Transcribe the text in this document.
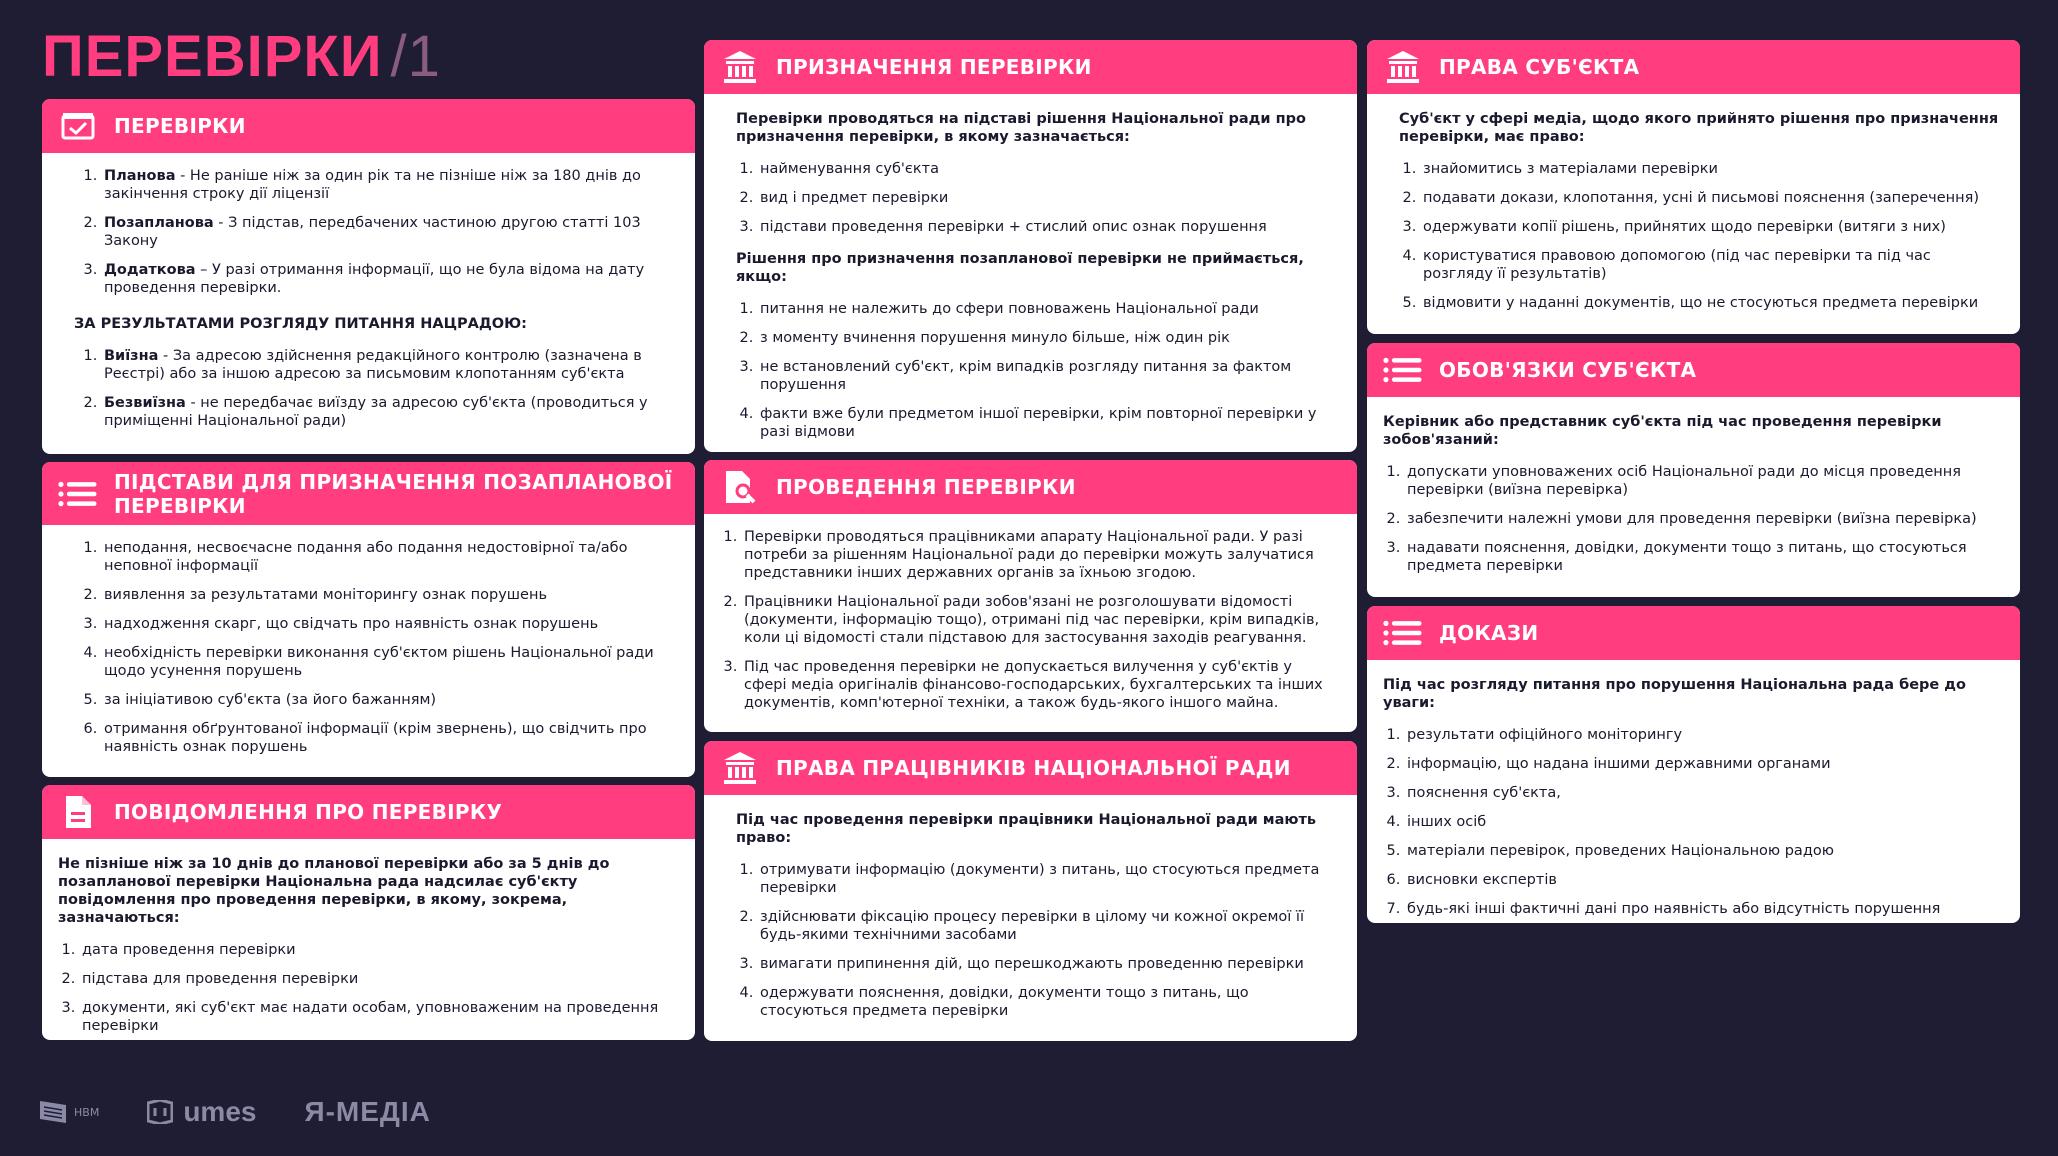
ПЕРЕВІРКИ /1
ПЕРЕВІРКИ
1. Планова - Не раніше ніж за один рік та не пізніше ніж за 180 днів до закінчення строку дії ліцензії
2. Позапланова - З підстав, передбачених частиною другою статті 103 Закону
3. Додаткова – У разі отримання інформації, що не була відома на дату проведення перевірки.
ЗА РЕЗУЛЬТАТАМИ РОЗГЛЯДУ ПИТАННЯ НАЦРАДОЮ:
1. Виїзна - За адресою здійснення редакційного контролю (зазначена в Реєстрі) або за іншою адресою за письмовим клопотанням суб'єкта
2. Безвиїзна - не передбачає виїзду за адресою суб'єкта (проводиться у приміщенні Національної ради)
ПІДСТАВИ ДЛЯ ПРИЗНАЧЕННЯ ПОЗАПЛАНОВОЇ ПЕРЕВІРКИ
1. неподання, несвоєчасне подання або подання недостовірної та/або неповної інформації
2. виявлення за результатами моніторингу ознак порушень
3. надходження скарг, що свідчать про наявність ознак порушень
4. необхідність перевірки виконання суб'єктом рішень Національної ради щодо усунення порушень
5. за ініціативою суб'єкта (за його бажанням)
6. отримання обґрунтованої інформації (крім звернень), що свідчить про наявність ознак порушень
ПОВІДОМЛЕННЯ ПРО ПЕРЕВІРКУ

Не пізніше ніж за 10 днів до планової перевірки або за 5 днів до позапланової перевірки Національна рада надсилає суб'єкту повідомлення про проведення перевірки, в якому, зокрема, зазначаються:

1. дата проведення перевірки
2. підстава для проведення перевірки
3. документи, які суб'єкт має надати особам, уповноваженим на проведення перевірки
ПРИЗНАЧЕННЯ ПЕРЕВІРКИ

Перевірки проводяться на підставі рішення Національної ради про призначення перевірки, в якому зазначається:

1. найменування суб'єкта
2. вид і предмет перевірки
3. підстави проведення перевірки + стислий опис ознак порушення

Рішення про призначення позапланової перевірки не приймається, якщо:

1. питання не належить до сфери повноважень Національної ради
2. з моменту вчинення порушення минуло більше, ніж один рік
3. не встановлений суб'єкт, крім випадків розгляду питання за фактом порушення
4. факти вже були предметом іншої перевірки, крім повторної перевірки у разі відмови
ПРОВЕДЕННЯ ПЕРЕВІРКИ
1. Перевірки проводяться працівниками апарату Національної ради. У разі потреби за рішенням Національної ради до перевірки можуть залучатися представники інших державних органів за їхньою згодою.
2. Працівники Національної ради зобов'язані не розголошувати відомості (документи, інформацію тощо), отримані під час перевірки, крім випадків, коли ці відомості стали підставою для застосування заходів реагування.
3. Під час проведення перевірки не допускається вилучення у суб'єктів у сфері медіа оригіналів фінансово-господарських, бухгалтерських та інших документів, комп'ютерної техніки, а також будь-якого іншого майна.
ПРАВА ПРАЦІВНИКІВ НАЦІОНАЛЬНОЇ РАДИ

Під час проведення перевірки працівники Національної ради мають право:

1. отримувати інформацію (документи) з питань, що стосуються предмета перевірки
2. здійснювати фіксацію процесу перевірки в цілому чи кожної окремої її будь-якими технічними засобами
3. вимагати припинення дій, що перешкоджають проведенню перевірки
4. одержувати пояснення, довідки, документи тощо з питань, що стосуються предмета перевірки
ПРАВА СУБ'ЄКТА

Суб'єкт у сфері медіа, щодо якого прийнято рішення про призначення перевірки, має право:

1. знайомитись з матеріалами перевірки
2. подавати докази, клопотання, усні й письмові пояснення (заперечення)
3. одержувати копії рішень, прийнятих щодо перевірки (витяги з них)
4. користуватися правовою допомогою (під час перевірки та під час розгляду її результатів)
5. відмовити у наданні документів, що не стосуються предмета перевірки
ОБОВ'ЯЗКИ СУБ'ЄКТА

Керівник або представник суб'єкта під час проведення перевірки зобов'язаний:

1. допускати уповноважених осіб Національної ради до місця проведення перевірки (виїзна перевірка)
2. забезпечити належні умови для проведення перевірки (виїзна перевірка)
3. надавати пояснення, довідки, документи тощо з питань, що стосуються предмета перевірки
ДОКАЗИ

Під час розгляду питання про порушення Національна рада бере до уваги:

1. результати офіційного моніторингу
2. інформацію, що надана іншими державними органами
3. пояснення суб'єкта,
4. інших осіб
5. матеріали перевірок, проведених Національною радою
6. висновки експертів
7. будь-які інші фактичні дані про наявність або відсутність порушення
НВМ	umes Я-МЕДІА
